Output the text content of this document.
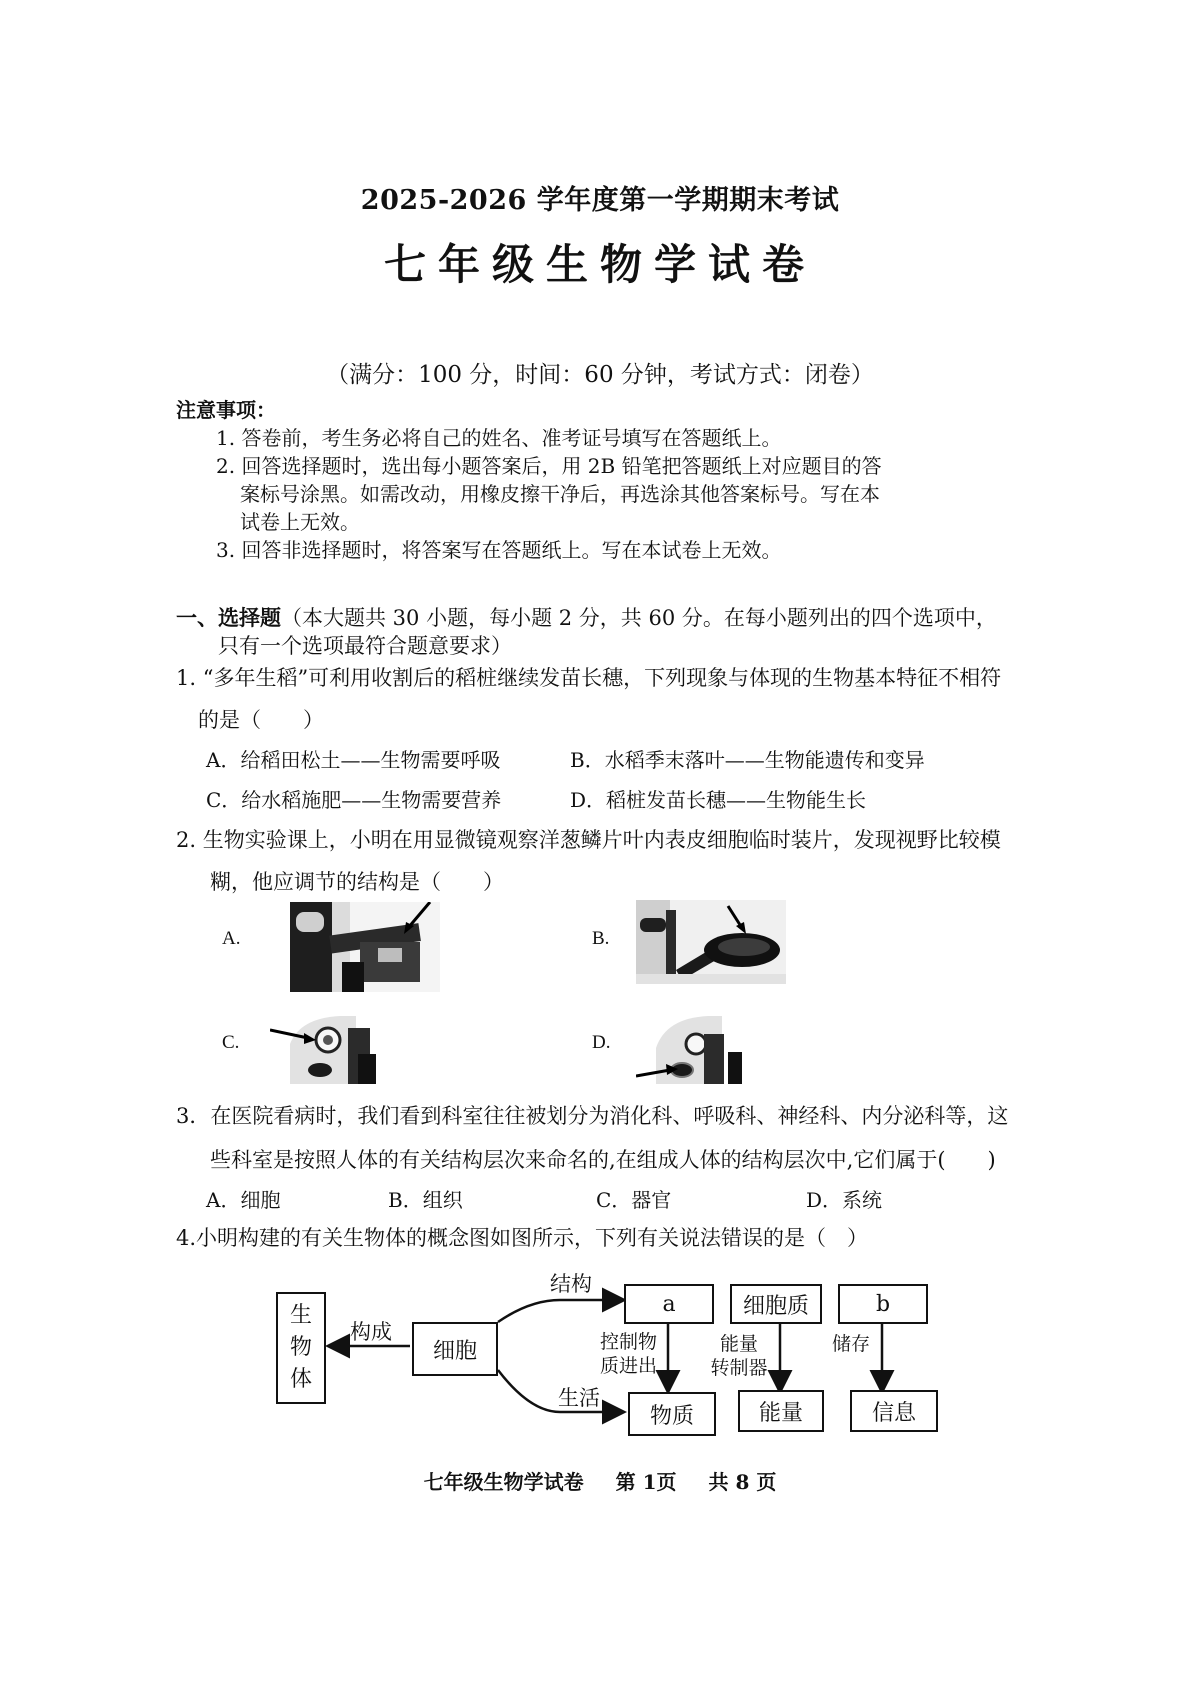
2025-2026 学年度第一学期期末考试
七年级生物学试卷
（满分：100 分，时间：60 分钟，考试方式：闭卷）
注意事项：
1. 答卷前，考生务必将自己的姓名、准考证号填写在答题纸上。
2. 回答选择题时，选出每小题答案后，用 2B 铅笔把答题纸上对应题目的答
案标号涂黑。如需改动，用橡皮擦干净后，再选涂其他答案标号。写在本
试卷上无效。
3. 回答非选择题时，将答案写在答题纸上。写在本试卷上无效。
一、选择题（本大题共 30 小题，每小题 2 分，共 60 分。在每小题列出的四个选项中，
只有一个选项最符合题意要求）
1. “多年生稻”可利用收割后的稻桩继续发苗长穗，下列现象与体现的生物基本特征不相符
的是（　　）
A．给稻田松土——生物需要呼吸	B．水稻季末落叶——生物能遗传和变异
C．给水稻施肥——生物需要营养	D．稻桩发苗长穗——生物能生长
2. 生物实验课上，小明在用显微镜观察洋葱鳞片叶内表皮细胞临时装片，发现视野比较模
糊，他应调节的结构是（　　）
A.	B.
C.	D.
3．在医院看病时，我们看到科室往往被划分为消化科、呼吸科、神经科、内分泌科等，这
些科室是按照人体的有关结构层次来命名的,在组成人体的结构层次中,它们属于(　　)
A．细胞	B．组织	C．器官	D．系统
4.小明构建的有关生物体的概念图如图所示，下列有关说法错误的是（　）
生
物
体
构成
细胞
结构
生活
a	细胞质	b
控制物
质进出
能量
转制器
储存
物质	能量	信息
七年级生物学试卷 第 1页 共 8 页
